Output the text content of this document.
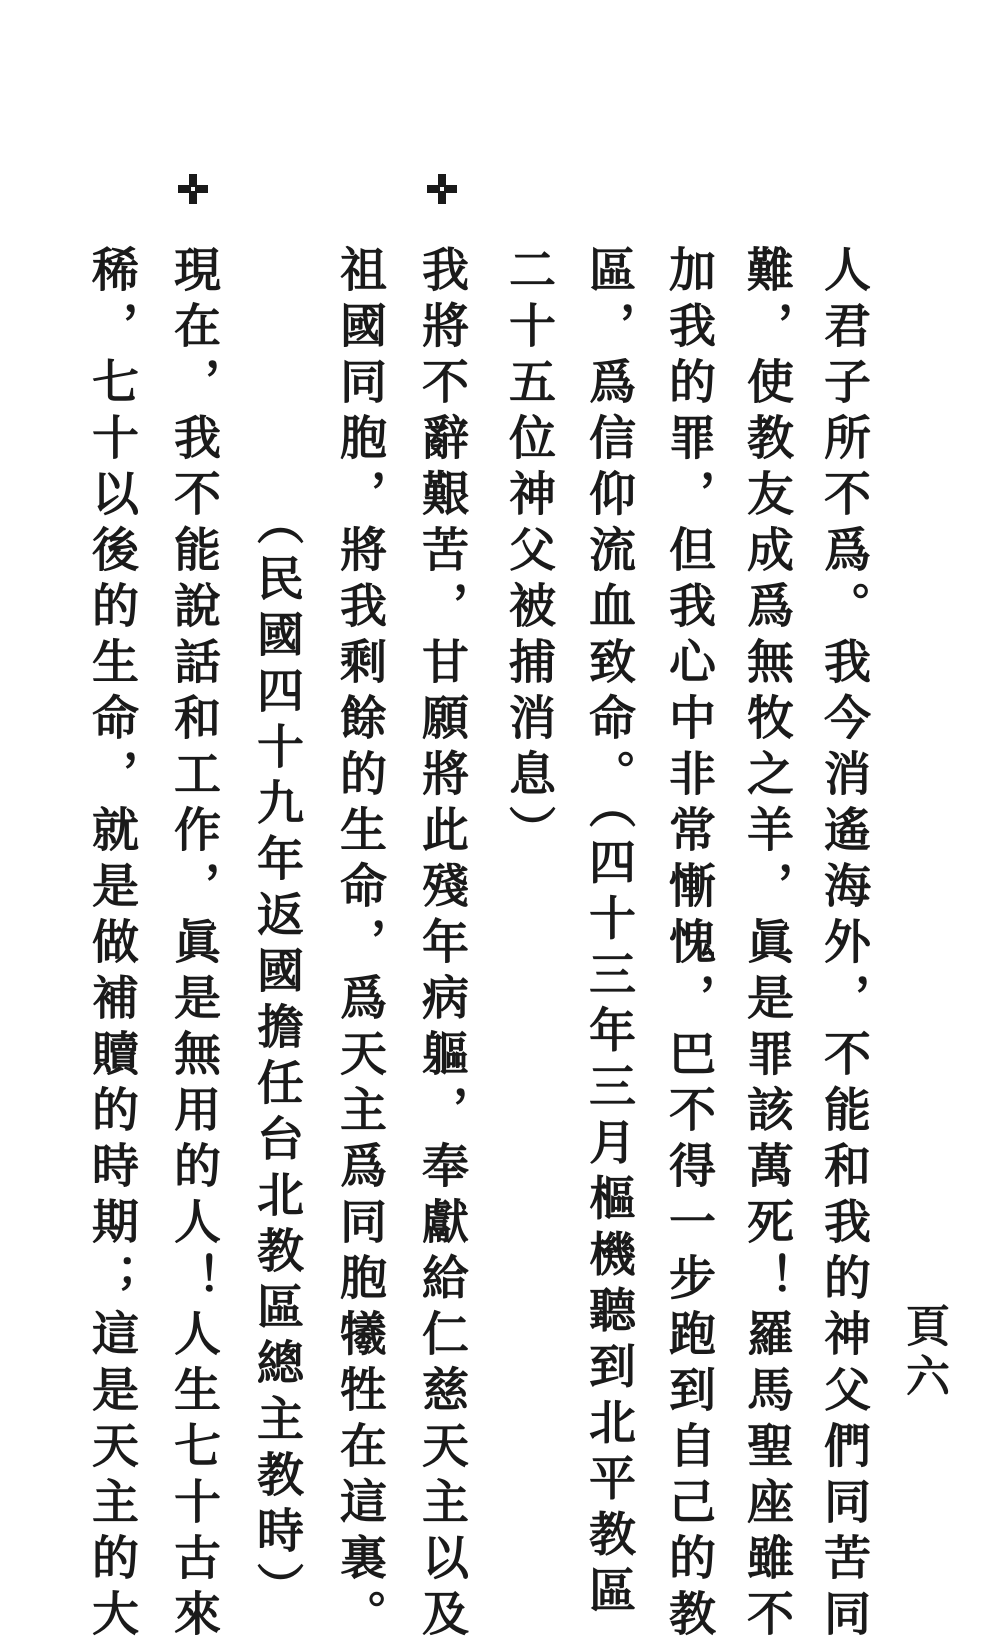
頁六
人君子所不爲。我今消遙海外，不能和我的神父們同苦同
難，使教友成爲無牧之羊，眞是罪該萬死！羅馬聖座雖不
加我的罪，但我心中非常慚愧，巴不得一步跑到自己的教
區，爲信仰流血致命。（四十三年三月樞機聽到北平教區
二十五位神父被捕消息）
我將不辭艱苦，甘願將此殘年病軀，奉獻給仁慈天主以及
祖國同胞，將我剩餘的生命，爲天主爲同胞犧牲在這裏。
（民國四十九年返國擔任台北教區總主教時）
現在，我不能說話和工作，眞是無用的人！人生七十古來
稀，七十以後的生命，就是做補贖的時期；這是天主的大
